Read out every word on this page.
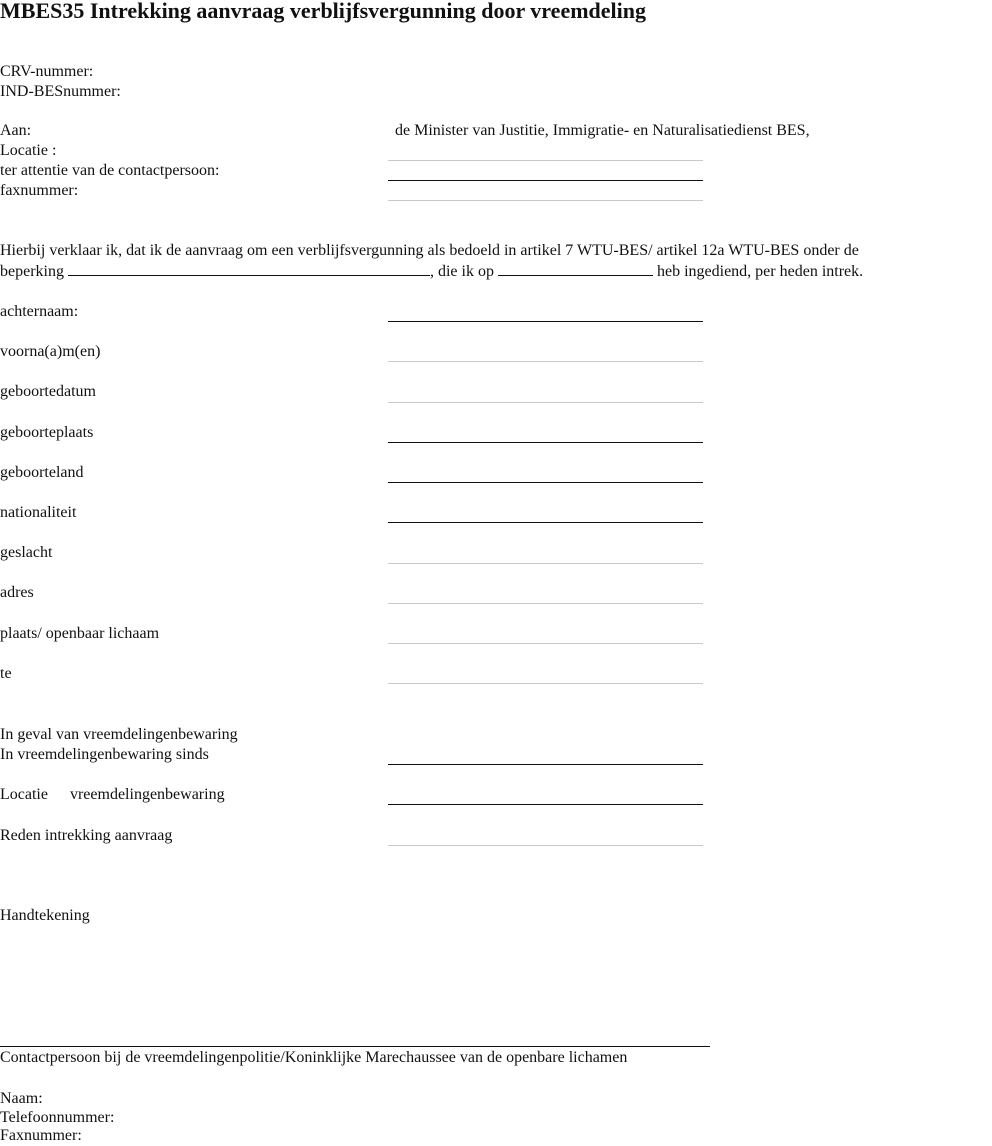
MBES35 Intrekking aanvraag verblijfsvergunning door vreemdeling
CRV-nummer:
IND-BESnummer:
Aan:	de Minister van Justitie, Immigratie- en Naturalisatiedienst BES,
Locatie :
ter attentie van de contactpersoon:
faxnummer:
Hierbij verklaar ik, dat ik de aanvraag om een verblijfsvergunning als bedoeld in artikel 7 WTU-BES/ artikel 12a WTU-BES onder de
beperking	, die ik op	heb ingediend, per heden intrek.
achternaam:
voorna(a)m(en)
geboortedatum
geboorteplaats
geboorteland
nationaliteit
geslacht
adres
plaats/ openbaar lichaam
te
In geval van vreemdelingenbewaring
In vreemdelingenbewaring sinds
Locatie vreemdelingenbewaring
Reden intrekking aanvraag
Handtekening
Contactpersoon bij de vreemdelingenpolitie/Koninklijke Marechaussee van de openbare lichamen
Naam:
Telefoonnummer:
Faxnummer:
